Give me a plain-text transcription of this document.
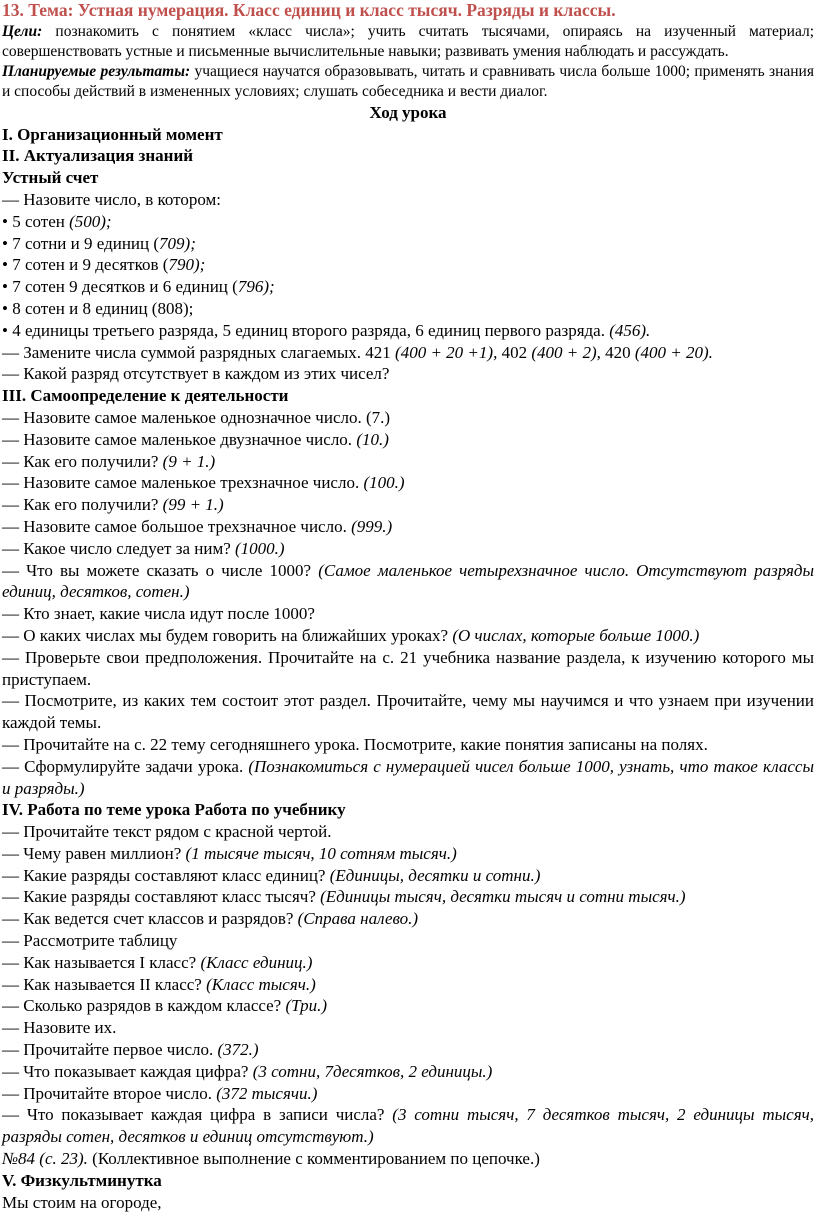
13. Тема: Устная нумерация. Класс единиц и класс тысяч. Разряды и классы.

Цели: познакомить с понятием «класс числа»; учить считать тысячами, опираясь на изученный материал; совершенствовать устные и письменные вычислительные навыки; развивать умения наблюдать и рассуждать.

Планируемые результаты: учащиеся научатся образовывать, читать и сравнивать числа больше 1000; применять знания и способы действий в измененных условиях; слушать собеседника и вести диалог.

Ход урока

I. Организационный момент

II. Актуализация знаний

Устный счет

— Назовите число, в котором:

• 5 сотен (500);

• 7 сотни и 9 единиц (709);

• 7 сотен и 9 десятков (790);

• 7 сотен 9 десятков и 6 единиц (796);

• 8 сотен и 8 единиц (808);

• 4 единицы третьего разряда, 5 единиц второго разряда, 6 единиц первого разряда. (456).

— Замените числа суммой разрядных слагаемых. 421 (400 + 20 +1), 402 (400 + 2), 420 (400 + 20).

— Какой разряд отсутствует в каждом из этих чисел?

III. Самоопределение к деятельности

— Назовите самое маленькое однозначное число. (7.)

— Назовите самое маленькое двузначное число. (10.)

— Как его получили? (9 + 1.)

— Назовите самое маленькое трехзначное число. (100.)

— Как его получили? (99 + 1.)

— Назовите самое большое трехзначное число. (999.)

— Какое число следует за ним? (1000.)

— Что вы можете сказать о числе 1000? (Самое маленькое четырехзначное число. Отсутствуют разряды единиц, десятков, сотен.)

— Кто знает, какие числа идут после 1000?

— О каких числах мы будем говорить на ближайших уроках? (О числах, которые больше 1000.)

— Проверьте свои предположения. Прочитайте на с. 21 учебника название раздела, к изучению которого мы приступаем.

— Посмотрите, из каких тем состоит этот раздел. Прочитайте, чему мы научимся и что узнаем при изучении каждой темы.

— Прочитайте на с. 22 тему сегодняшнего урока. Посмотрите, какие понятия записаны на полях.

— Сформулируйте задачи урока. (Познакомиться с нумерацией чисел больше 1000, узнать, что такое классы и разряды.)

IV. Работа по теме урока Работа по учебнику

— Прочитайте текст рядом с красной чертой.

— Чему равен миллион? (1 тысяче тысяч, 10 сотням тысяч.)

— Какие разряды составляют класс единиц? (Единицы, десятки и сотни.)

— Какие разряды составляют класс тысяч? (Единицы тысяч, десятки тысяч и сотни тысяч.)

— Как ведется счет классов и разрядов? (Справа налево.)

— Рассмотрите таблицу

— Как называется I класс? (Класс единиц.)

— Как называется II класс? (Класс тысяч.)

— Сколько разрядов в каждом классе? (Три.)

— Назовите их.

— Прочитайте первое число. (372.)

— Что показывает каждая цифра? (3 сотни, 7десятков, 2 единицы.)

— Прочитайте второе число. (372 тысячи.)

— Что показывает каждая цифра в записи числа? (3 сотни тысяч, 7 десятков тысяч, 2 единицы тысяч, разряды сотен, десятков и единиц отсутствуют.)

№84 (с. 23). (Коллективное выполнение с комментированием по цепочке.)

V. Физкультминутка

Мы стоим на огороде,
